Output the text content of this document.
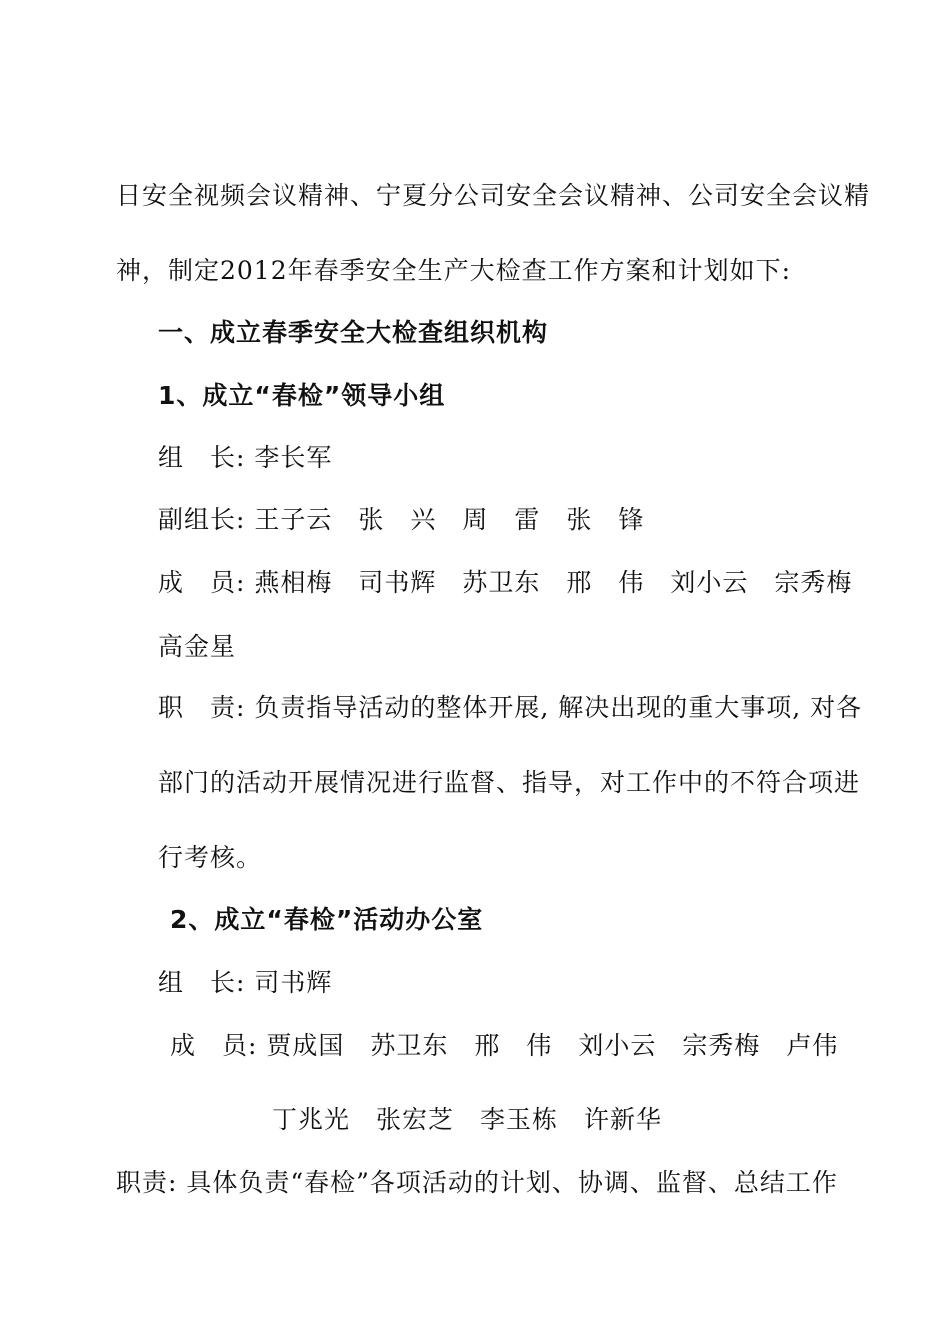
日安全视频会议精神、宁夏分公司安全会议精神、公司安全会议精
神，制定2012年春季安全生产大检查工作方案和计划如下:
一、成立春季安全大检查组织机构
1、成立“春检”领导小组
组　长: 李长军
副组长: 王子云　张　兴　周　雷　张　锋
成　员: 燕相梅　司书辉　苏卫东　邢　伟　刘小云　宗秀梅
高金星
职　责: 负责指导活动的整体开展, 解决出现的重大事项, 对各
部门的活动开展情况进行监督、指导，对工作中的不符合项进
行考核。
2、成立“春检”活动办公室
组　长: 司书辉
成　员: 贾成国　苏卫东　邢　伟　刘小云　宗秀梅　卢伟
丁兆光　张宏芝　李玉栋　许新华
职责: 具体负责“春检”各项活动的计划、协调、监督、总结工作
